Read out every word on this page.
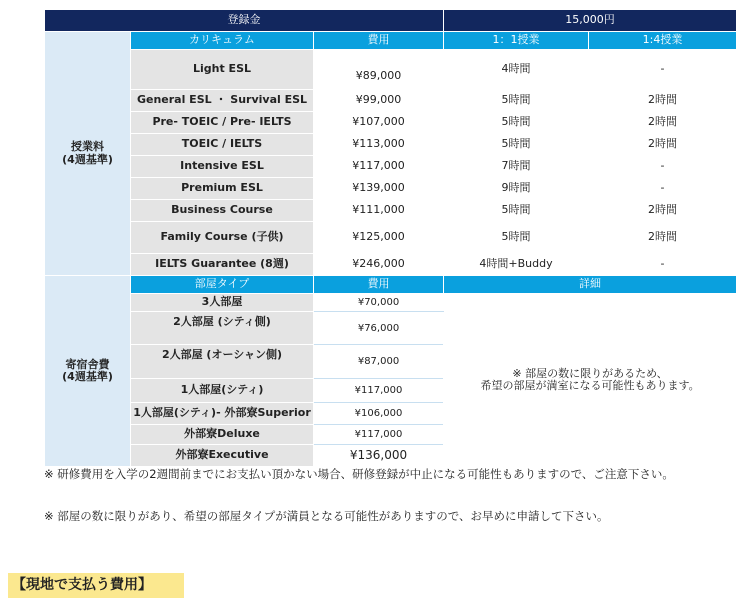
登録金			15,000円	

授業料
(4週基準)	カリキュラム	費用	1：1授業	1:4授業
	Light ESL	¥89,000	4時間	-
	General ESL ・ Survival ESL	¥99,000	5時間	2時間
	Pre- TOEIC / Pre- IELTS	¥107,000	5時間	2時間
	TOEIC / IELTS	¥113,000	5時間	2時間
	Intensive ESL	¥117,000	7時間	-
	Premium ESL	¥139,000	9時間	-
	Business Course	¥111,000	5時間	2時間
	Family Course (子供)	¥125,000	5時間	2時間
	IELTS Guarantee (8週)	¥246,000	4時間+Buddy	-

寄宿舎費
(4週基準)	部屋タイプ	費用	詳細	
	3人部屋	¥70,000	※ 部屋の数に限りがあるため、
希望の部屋が満室になる可能性もあります。	

	2人部屋 (シティ側)	¥76,000		
	2人部屋 (オーシャン側)	¥87,000		
	1人部屋(シティ)	¥117,000		
	1人部屋(シティ)- 外部寮Superior	¥106,000		
	外部寮Deluxe	¥117,000		
	外部寮Executive	¥136,000		
※ 研修費用を入学の2週間前までにお支払い頂かない場合、研修登録が中止になる可能性もありますので、ご注意下さい。
※ 部屋の数に限りがあり、希望の部屋タイプが満員となる可能性がありますので、お早めに申請して下さい。
【現地で支払う費用】
